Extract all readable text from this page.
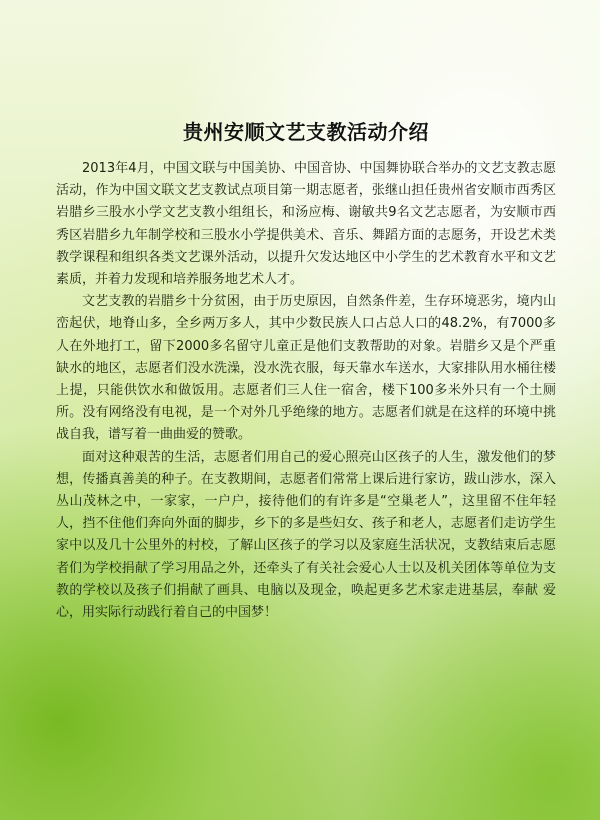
贵州安顺文艺支教活动介绍

2013年4月，中国文联与中国美协、中国音协、中国舞协联合举办的文艺支教志愿活动，作为中国文联文艺支教试点项目第一期志愿者，张继山担任贵州省安顺市西秀区岩腊乡三股水小学文艺支教小组组长，和汤应梅、谢敏共9名文艺志愿者，为安顺市西秀区岩腊乡九年制学校和三股水小学提供美术、音乐、舞蹈方面的志愿务，开设艺术类教学课程和组织各类文艺课外活动，以提升欠发达地区中小学生的艺术教育水平和文艺素质，并着力发现和培养服务地艺术人才。

文艺支教的岩腊乡十分贫困，由于历史原因，自然条件差，生存环境恶劣，境内山峦起伏，地脊山多，全乡两万多人，其中少数民族人口占总人口的48.2%，有7000多人在外地打工，留下2000多名留守儿童正是他们支教帮助的对象。岩腊乡又是个严重缺水的地区，志愿者们没水洗澡，没水洗衣服，每天靠水车送水，大家排队用水桶往楼上提，只能供饮水和做饭用。志愿者们三人住一宿舍，楼下100多米外只有一个土厕所。没有网络没有电视，是一个对外几乎绝缘的地方。志愿者们就是在这样的环境中挑战自我，谱写着一曲曲爱的赞歌。

面对这种艰苦的生活，志愿者们用自己的爱心照亮山区孩子的人生，激发他们的梦想，传播真善美的种子。在支教期间，志愿者们常常上课后进行家访，跋山涉水，深入丛山茂林之中，一家家，一户户，接待他们的有许多是“空巢老人”，这里留不住年轻人，挡不住他们奔向外面的脚步，乡下的多是些妇女、孩子和老人，志愿者们走访学生家中以及几十公里外的村校，了解山区孩子的学习以及家庭生活状况，支教结束后志愿者们为学校捐献了学习用品之外，还牵头了有关社会爱心人士以及机关团体等单位为支教的学校以及孩子们捐献了画具、电脑以及现金，唤起更多艺术家走进基层，奉献 爱心，用实际行动践行着自己的中国梦！
